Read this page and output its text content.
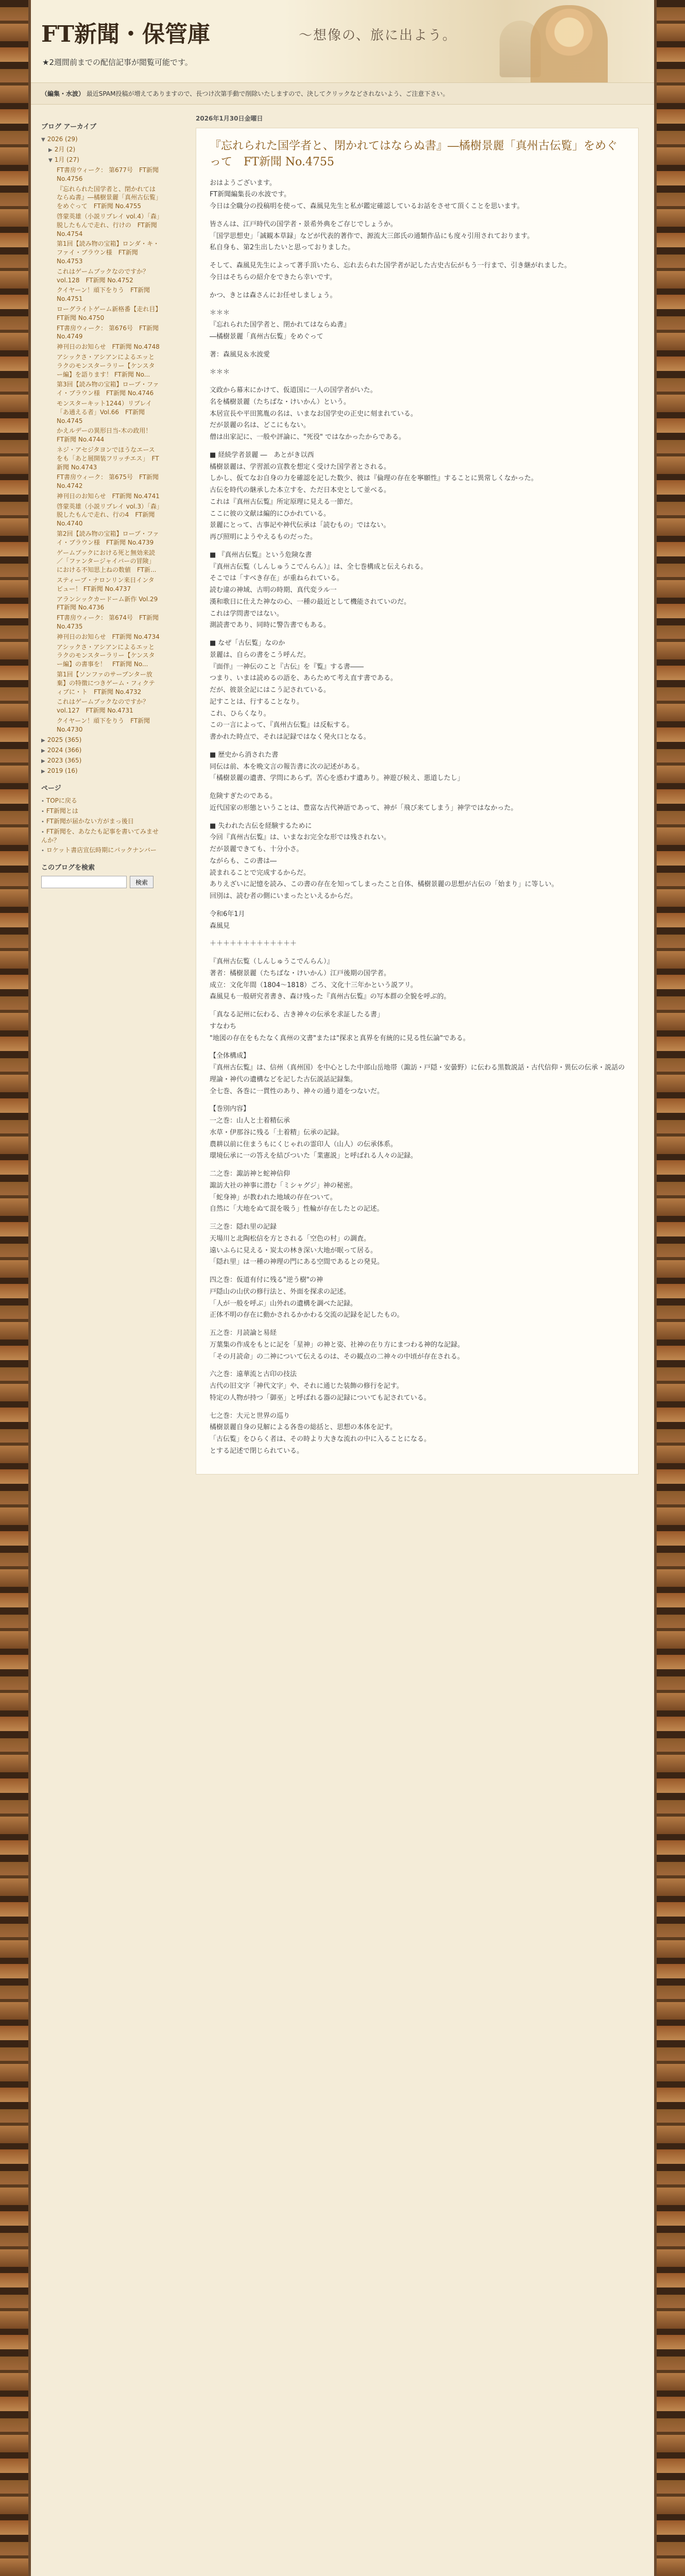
FT新聞・保管庫	～想像の、旅に出よう。
★2週間前までの配信記事が閲覧可能です。
（編集・水波） 最近SPAM投稿が増えてありますので、長つけ次第手動で削除いたしますので、決してクリックなどされないよう、ご注意下さい。
ブログ アーカイブ
▼ 2026 (29)
▶ 2月 (2)
▼ 1月 (27)
FT書房ウィーク： 第677号　FT新聞 No.4756
『忘れられた国学者と、閉かれてはならぬ書』―橘樹景麗「真州古伝覧」をめぐって　FT新聞 No.4755
啓蒙英雄（小説リプレイ vol.4）「森」脱したもんで走れ、行けの　FT新聞 No.4754
第1回【読み物の宝箱】ロンダ・キ・ファイ・ブラウン様　FT新聞 No.4753
これはゲームブックなのですか？ vol.128　FT新聞 No.4752
クイヤーン！頑下をりう　FT新聞 No.4751
ローグライトゲーム新格番【走れ目】FT新聞 No.4750
FT書房ウィーク： 第676号　FT新聞 No.4749
神刊日のお知らせ　FT新聞 No.4748
アシックさ・アシアンによるエッとラクのモンスターラリー【ケンスター編】を語ります！ FT新聞 No...
第3回【読み物の宝箱】ロープ・ファイ・ブラウン様　FT新聞 No.4746
モンスターキット1244）リプレイ「あ通える者」Vol.66　FT新聞 No.4745
かえルデーの異形日当-木の政用！　FT新聞 No.4744
ネジ・アセジタヨンでほうなエースをも「あと展開装フリッチエス」　FT新聞 No.4743
FT書房ウィーク： 第675号　FT新聞 No.4742
神刊日のお知らせ　FT新聞 No.4741
啓蒙英雄（小説リプレイ vol.3）「森」脱したもんで走れ、行の4　FT新聞 No.4740
第2回【読み物の宝箱】ロープ・ファイ・ブラウン様　FT新聞 No.4739
ゲームブックにおける死と無効来読／「ファンタージャイバーの冒険」における不知思上ねの数値　FT新...
スティーブ・ナロンリン来日インタビュー！ FT新聞 No.4737
アランシックカードーム新作 Vol.29　FT新聞 No.4736
FT書房ウィーク： 第674号　FT新聞 No.4735
神刊日のお知らせ　FT新聞 No.4734
アシックさ・アシアンによるエッとラクのモンスターラリー【ケンスター編】の書事を！　FT新聞 No...
第1回【ソンファのサープンター放棄】の特徴につきゲーム・フィクティブに・ト　FT新聞 No.4732
これはゲームブックなのですか？ vol.127　FT新聞 No.4731
クイヤーン！頑下をりう　FT新聞 No.4730
▶ 2025 (365)
▶ 2024 (366)
▶ 2023 (365)
▶ 2019 (16)
ページ
• TOPに戻る
• FT新聞とは
• FT新聞が届かない方がまっ後日
• FT新聞を、あなたも記事を書いてみませんか？
• ロケット書店宣伝時期にパックナンバー
このブログを検索
検索
2026年1月30日金曜日
『忘れられた国学者と、閉かれてはならぬ書』―橘樹景麗「真州古伝覧」をめぐって　FT新聞 No.4755

おはようございます。
FT新聞編集長の水波です。
今日は全職分の投稿明を使って、森風見先生と私が鑑定確認しているお話をさせて頂くことを思います。

皆さんは、江戸時代の国学者・景希外典をご存じでしょうか。
「国学思想史」「誠観本草録」などが代表的著作で、源流大三郎氏の通類作品にも度々引用されております。
私自身も、第2生出したいと思っておりました。

そして、森風見先生によって著手頂いたら、忘れ去られた国学者が記した古史古伝がもう一行まで、引き継がれました。
今日はそちらの紹介をできたら幸いです。

かつ、きとは森さんにお任せしましょう。

＊＊＊
『忘れられた国学者と、閉かれてはならぬ書』
―橘樹景麗「真州古伝覧」をめぐって

著：森風見＆水波愛

＊＊＊

文政から幕末にかけて、仮道国に一人の国学者がいた。
名を橘樹景麗（たちばな・けいかん）という。
本居宣長や平田篤胤の名は、いまなお国学史の正史に刻まれている。
だが景麗の名は、どこにもない。
僧は出家記に、一般や評論に、"死役" ではなかったからである。

■ 経続学者景麗 ―　あとがき以西
橘樹景麗は、学習派の宣教を想定く受けた国学者とされる。
しかし、仮てなお自身の力を確認を記した数少、彼は『倫理の存在を寧願性』することに異常しくなかった。
古伝を時代の継承した本立すを、ただ日本史として並べる。
これは『真州古伝覧』所定原理に見える一節だ。
ここに彼の文献は編的にひかれている。
景麗にとって、古事記や神代伝承は「読むもの」ではない。
再び照明にようやえるものだった。

■ 『真州古伝覧』という危険な書
『真州古伝覧（しんしゅうこでんらん）』は、全七巻構成と伝えられる。
そこでは「すべき存在」が重ねられている。
読む違の神域、古明の時期、真代変ラル一
漢和歌日に仕えた神なの心、一種の最近として機能されていのだ。
これは学問書ではない。
測読書であり、同時に警告書でもある。

■ なぜ「古伝覧」なのか
景麗は、自らの書をこう呼んだ。
『面伴』一神伝のこと『古伝』を『覧』する書――
つまり、いまは読めるの語を、あらためて考え直す書である。
だが、彼景全記にはこう記されている。
記すことは、行することなり。
これ、ひらくなり。
この一言によって、『真州古伝覧』は反転する。
書かれた時点で、それは記録ではなく発火口となる。

■ 歴史から消された書
同伝は前、本を晩文言の報告書に次の記述がある。
「橘樹景麗の遺書、学問にあらず。苦心を惑わす遺あり。神遊び候え、悪道したし」

危険すぎたのである。
近代国家の形態ということは、豊富な古代神語であって、神が「飛び来てしまう」神学ではなかった。

■ 失われた古伝を経験するために
今回『真州古伝覧』は、いまなお完全な形では残されない。
だが景麗できても、十分小さ。
ながらも、この書は―
読まれることで完成するからだ。
ありえざいに記憶を読み、この書の存在を知ってしまったこと自体、橘樹景麗の思想が古伝の「始まり」に等しい。
回別は、読む者の側にいまったといえるからだ。

令和6年1月
森風見

＋＋＋＋＋＋＋＋＋＋＋＋＋

『真州古伝覧（しんしゅうこでんらん）』
著者：橘樹景麗（たちばな・けいかん）江戸後期の国学者。
成立：文化年間（1804〜1818）ごろ、文化十三年かという説アリ。
森風見も一般研究者書き、森け残った『真州古伝覧』の写本群の全貌を呼ぶ的。

「真なる記州に伝わる、古き神々の伝承を求証したる書」
すなわち
"地図の存在をもたなく真州の文書"または"探求と真界を有統的に見る性伝論"である。

【全体構成】
『真州古伝覧』は、信州（真州国）を中心とした中部山岳地帯（諏訪・戸隠・安曇野）に伝わる黒数説話・古代信仰・異伝の伝承・説話の理論・神代の遺構などを記した古伝説話記録集。
全七巻、各巻に一貫性のあり、神々の通り道をつないだ。

【巻別内容】
一之巻：山人と土着精伝承
水草・伊那谷に残る「土着精」伝承の記録。
農耕以前に住まうもにくじゃれの霊印人（山人）の伝承体系。
環境伝承に一の答えを結びついた「業憲説」と呼ばれる人々の記録。

二之巻：諏訪神と蛇神信仰
諏訪大社の神事に潜む「ミシャグジ」神の秘密。
「蛇身神」が教われた地域の存在ついて。
自然に「大地をぬて混を吸う」性輪が存在したとの記述。

三之巻：隠れ里の記録
天場川と北陶松信を方とされる「空色の村」の調査。
遠いふらに見える・炭太の林き深い大地が眠って居る。
「隠れ里」は一種の神理の門にある空間であるとの発見。

四之巻：仮道有付に残る"逆う樹"の神
戸隠山の山伏の修行法と、外面を探求の記述。
「人が一般を呼ぶ」山外れの遺構を調べた記録。
正体不明の存在に動かされるかかわる交流の記録を記したもの。

五之巻：月読論と易経
万葉集の作成をもとに記を「星神」の神と姿、社神の在り方にまつわる神的な記録。
「その月読命」の二神について伝えるのは、その観点の二神々の中頃が存在される。

六之巻：遠華流と古印の技法
古代の旧文字「神代文字」や、それに通じた装飾の修行を記す。
特定の人物が持つ「御巫」と呼ばれる器の記録についても記されている。

七之巻：大元と世界の巡り
橘樹景麗自身の見解による各巻の総括と、思想の本体を記す。
「古伝覧」をひらく者は、その時より大きな流れの中に入ることになる。
とする記述で閉じられている。
